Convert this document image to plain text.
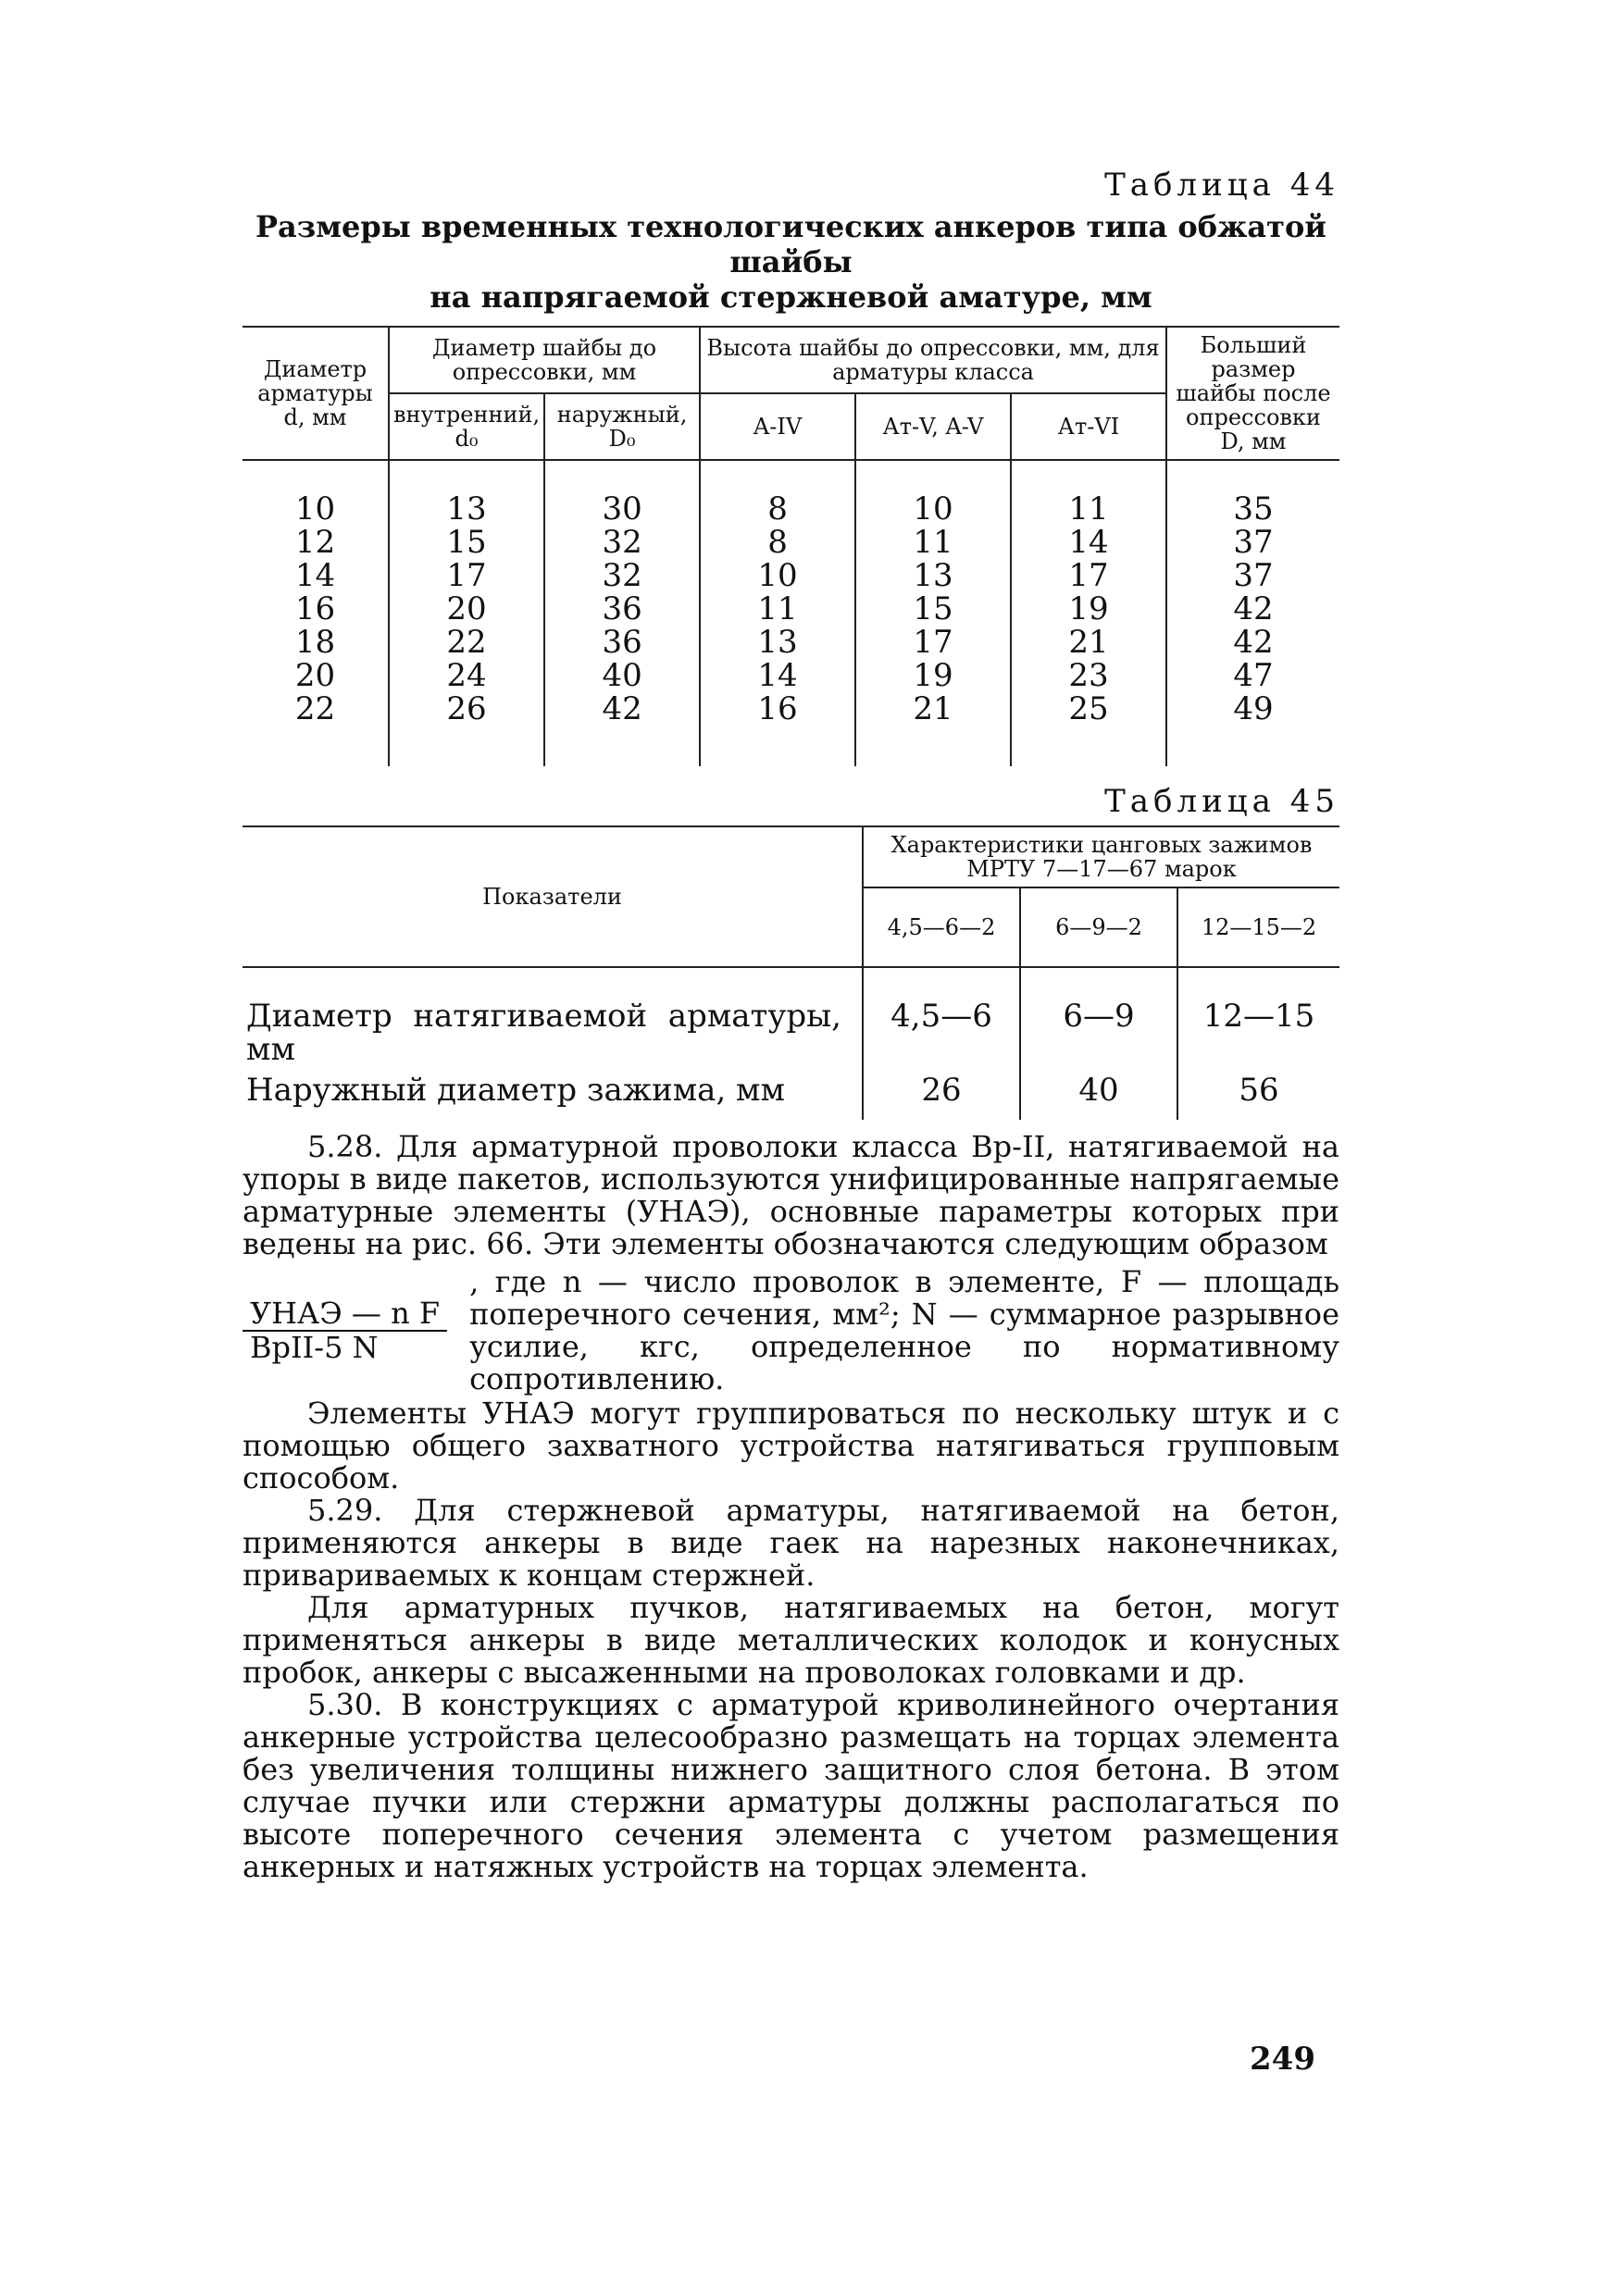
Таблица 44
Размеры временных технологических анкеров типа обжатой шайбы
на напрягаемой стержневой аматуре, мм
Диаметр арматуры d, мм	Диаметр шайбы до опрессовки, мм		Высота шайбы до опрессовки, мм, для арматуры класса			Больший размер шайбы после опрессовки D, мм
	внутренний, d₀	наружный, D₀	A-IV	Ат-V, A-V	Ат-VI	
10	13	30	8	10	11	35
12	15	32	8	11	14	37
14	17	32	10	13	17	37
16	20	36	11	15	19	42
18	22	36	13	17	21	42
20	24	40	14	19	23	47
22	26	42	16	21	25	49
Таблица 45
Показатели	Характеристики цанговых зажимов МРТУ 7—17—67 марок		
	4,5—6—2	6—9—2	12—15—2
Диаметр натягиваемой арматуры, мм	4,5—6	6—9	12—15
Наружный диаметр зажима, мм	26	40	56

5.28. Для арматурной проволоки класса Вр-II, натягиваемой на упоры в виде пакетов, используются унифицированные напрягаемые арматурные элементы (УНАЭ), основные параметры которых при ведены на рис. 66. Эти элементы обозначаются следующим образом

$\frac{\text{УНАЭ — n F}}{\text{ВрII-5 N}}$
, где n — число проволок в элементе, F — площадь поперечного сечения, мм²; N — суммарное разрывное усилие, кгс, определенное по нормативному сопротивлению.

Элементы УНАЭ могут группироваться по нескольку штук и с помощью общего захватного устройства натягиваться групповым способом.

5.29. Для стержневой арматуры, натягиваемой на бетон, применяются анкеры в виде гаек на нарезных наконечниках, привариваемых к концам стержней.

Для арматурных пучков, натягиваемых на бетон, могут применяться анкеры в виде металлических колодок и конусных пробок, анкеры с высаженными на проволоках головками и др.

5.30. В конструкциях с арматурой криволинейного очертания анкерные устройства целесообразно размещать на торцах элемента без увеличения толщины нижнего защитного слоя бетона. В этом случае пучки или стержни арматуры должны располагаться по высоте поперечного сечения элемента с учетом размещения анкерных и натяжных устройств на торцах элемента.

249
